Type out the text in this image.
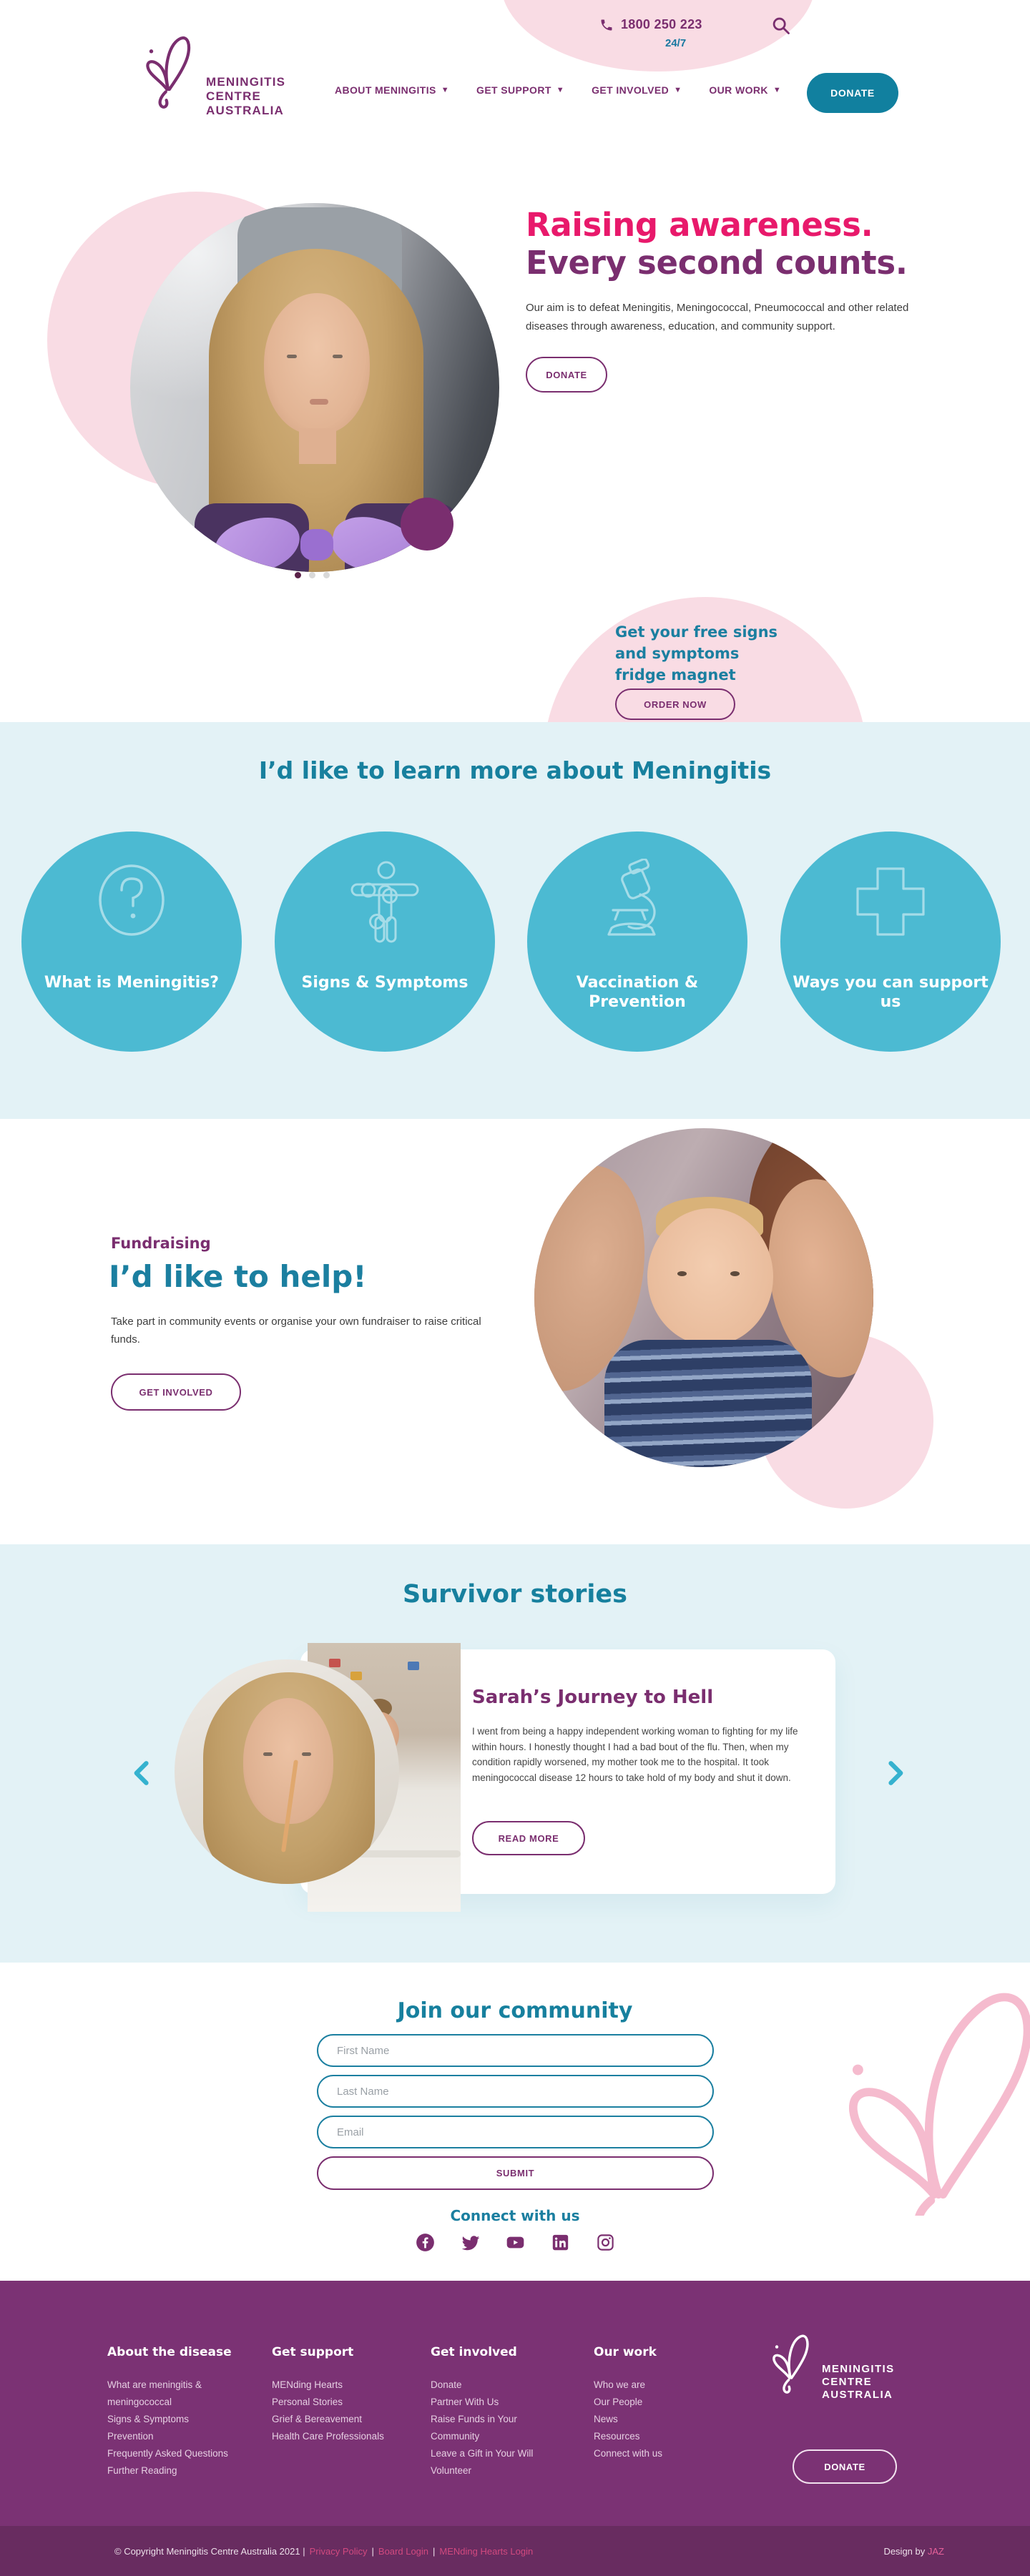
1800 250 223
24/7
MENINGITIS
CENTRE
AUSTRALIA
ABOUT MENINGITIS ▼	GET SUPPORT ▼	GET INVOLVED ▼	OUR WORK ▼	DONATE
Raising awareness.
Every second counts.

Our aim is to defeat Meningitis, Meningococcal, Pneumococcal and other related diseases through awareness, education, and community support.

DONATE
Get your free signs and symptoms fridge magnet
ORDER NOW
I’d like to learn more about Meningitis
What is Meningitis?	Signs & Symptoms	Vaccination & Prevention
Ways you can support us
Fundraising
I’d like to help!
Take part in community events or organise your own fundraiser to raise critical funds.
GET INVOLVED
Survivor stories
Sarah’s Journey to Hell
I went from being a happy independent working woman to fighting for my life within hours. I honestly thought I had a bad bout of the flu. Then, when my condition rapidly worsened, my mother took me to the hospital. It took meningococcal disease 12 hours to take hold of my body and shut it down.
READ MORE
Join our community
First Name
Last Name
Email
SUBMIT
Connect with us
About the disease
What are meningitis & meningococcal
Signs & Symptoms
Prevention
Frequently Asked Questions
Further Reading
Get support
MENding Hearts
Personal Stories
Grief & Bereavement
Health Care Professionals
Get involved
Donate
Partner With Us
Raise Funds in Your Community
Leave a Gift in Your Will
Volunteer
Our work
Who we are
Our People
News
Resources
Connect with us
MENINGITIS
CENTRE
AUSTRALIA
DONATE
© Copyright Meningitis Centre Australia 2021 | Privacy Policy | Board Login | MENding Hearts Login	Design by JAZ
